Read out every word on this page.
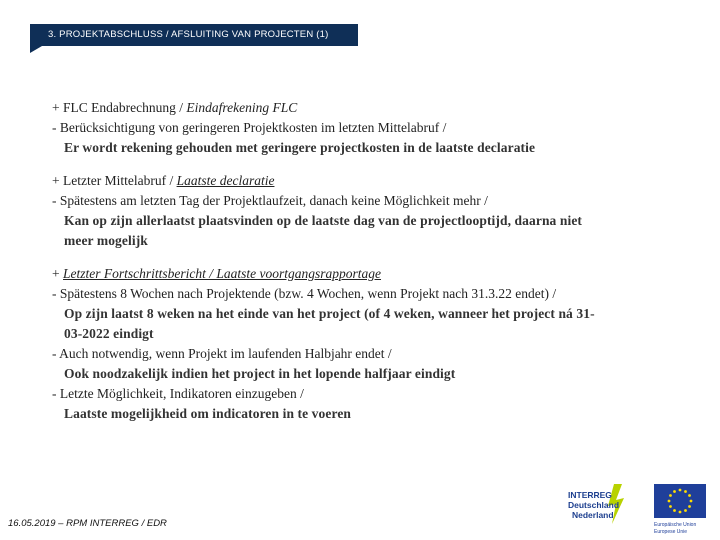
3. PROJEKTABSCHLUSS / AFSLUITING VAN PROJECTEN (1)
+ FLC Endabrechnung / Eindafrekening FLC
- Berücksichtigung von geringeren Projektkosten im letzten Mittelabruf /
Er wordt rekening gehouden met geringere projectkosten in de laatste declaratie
+ Letzter Mittelabruf / Laatste declaratie
- Spätestens am letzten Tag der Projektlaufzeit, danach keine Möglichkeit mehr /
Kan op zijn allerlaatst plaatsvinden op de laatste dag van de projectlooptijd, daarna niet
meer mogelijk
+ Letzter Fortschrittsbericht / Laatste voortgangsrapportage
- Spätestens 8 Wochen nach Projektende (bzw. 4 Wochen, wenn Projekt nach 31.3.22 endet) /
Op zijn laatst 8 weken na het einde van het project (of 4 weken, wanneer het project ná 31-
03-2022 eindigt
- Auch notwendig, wenn Projekt im laufenden Halbjahr endet /
Ook noodzakelijk indien het project in het lopende halfjaar eindigt
- Letzte Möglichkeit, Indikatoren einzugeben /
Laatste mogelijkheid om indicatoren in te voeren
16.05.2019 – RPM INTERREG / EDR
INTERREG
Deutschland
Nederland
Europäische Union
Europese Unie
